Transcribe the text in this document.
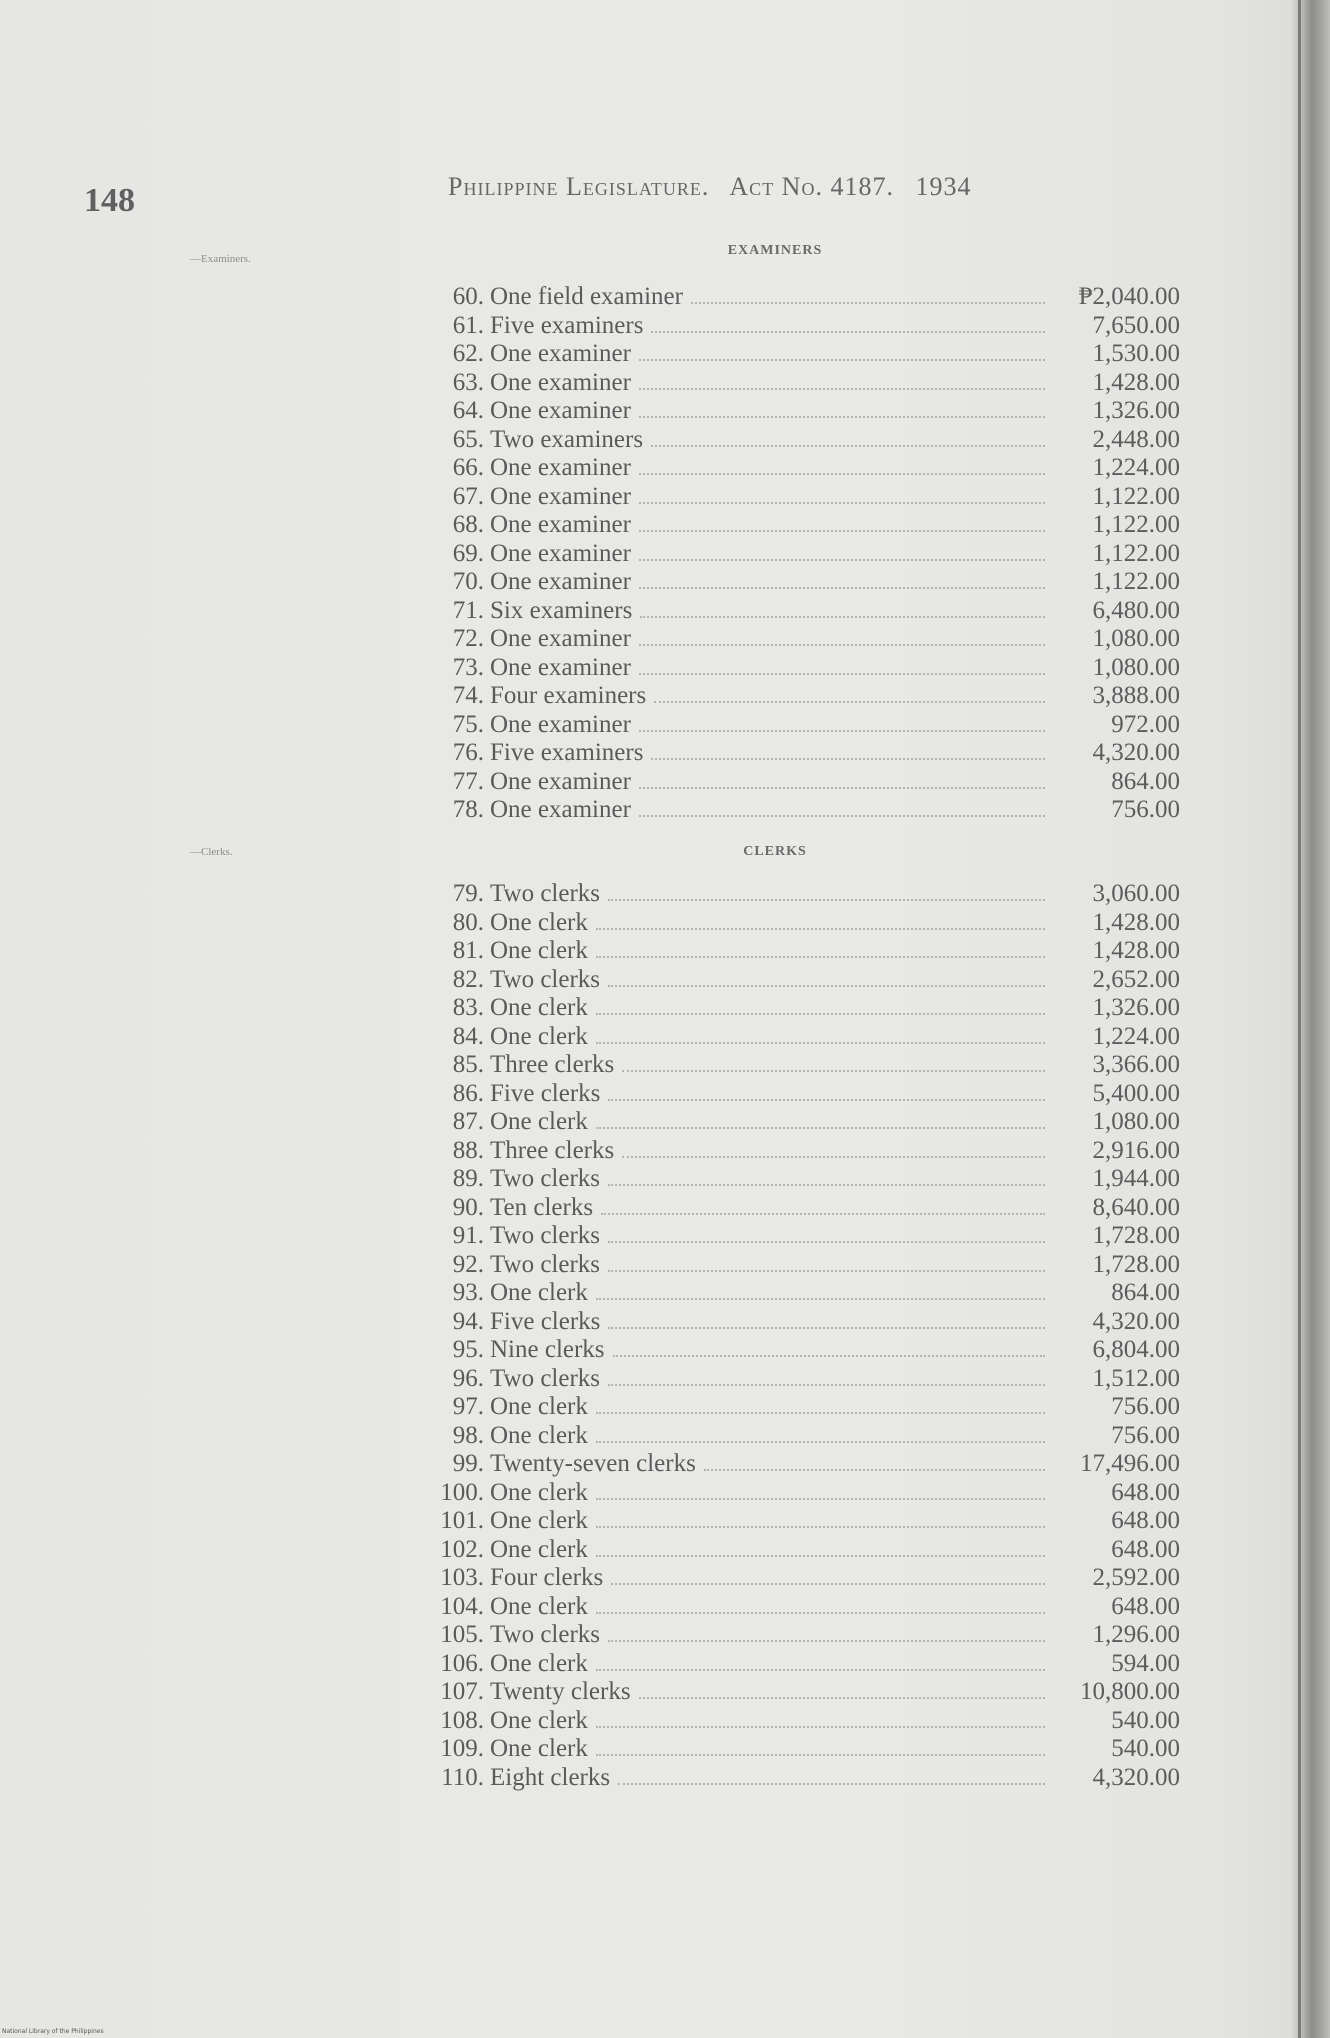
148	Philippine Legislature. Act No. 4187. 1934
—Examiners.
EXAMINERS
60. One field examiner	₱2,040.00
61. Five examiners	7,650.00
62. One examiner	1,530.00
63. One examiner	1,428.00
64. One examiner	1,326.00
65. Two examiners	2,448.00
66. One examiner	1,224.00
67. One examiner	1,122.00
68. One examiner	1,122.00
69. One examiner	1,122.00
70. One examiner	1,122.00
71. Six examiners	6,480.00
72. One examiner	1,080.00
73. One examiner	1,080.00
74. Four examiners	3,888.00
75. One examiner	972.00
76. Five examiners	4,320.00
77. One examiner	864.00
78. One examiner	756.00
—Clerks.	CLERKS
79. Two clerks	3,060.00
80. One clerk	1,428.00
81. One clerk	1,428.00
82. Two clerks	2,652.00
83. One clerk	1,326.00
84. One clerk	1,224.00
85. Three clerks	3,366.00
86. Five clerks	5,400.00
87. One clerk	1,080.00
88. Three clerks	2,916.00
89. Two clerks	1,944.00
90. Ten clerks	8,640.00
91. Two clerks	1,728.00
92. Two clerks	1,728.00
93. One clerk	864.00
94. Five clerks	4,320.00
95. Nine clerks	6,804.00
96. Two clerks	1,512.00
97. One clerk	756.00
98. One clerk	756.00
99. Twenty-seven clerks	17,496.00
100. One clerk	648.00
101. One clerk	648.00
102. One clerk	648.00
103. Four clerks	2,592.00
104. One clerk	648.00
105. Two clerks	1,296.00
106. One clerk	594.00
107. Twenty clerks	10,800.00
108. One clerk	540.00
109. One clerk	540.00
110. Eight clerks	4,320.00
National Library of the Philippines
